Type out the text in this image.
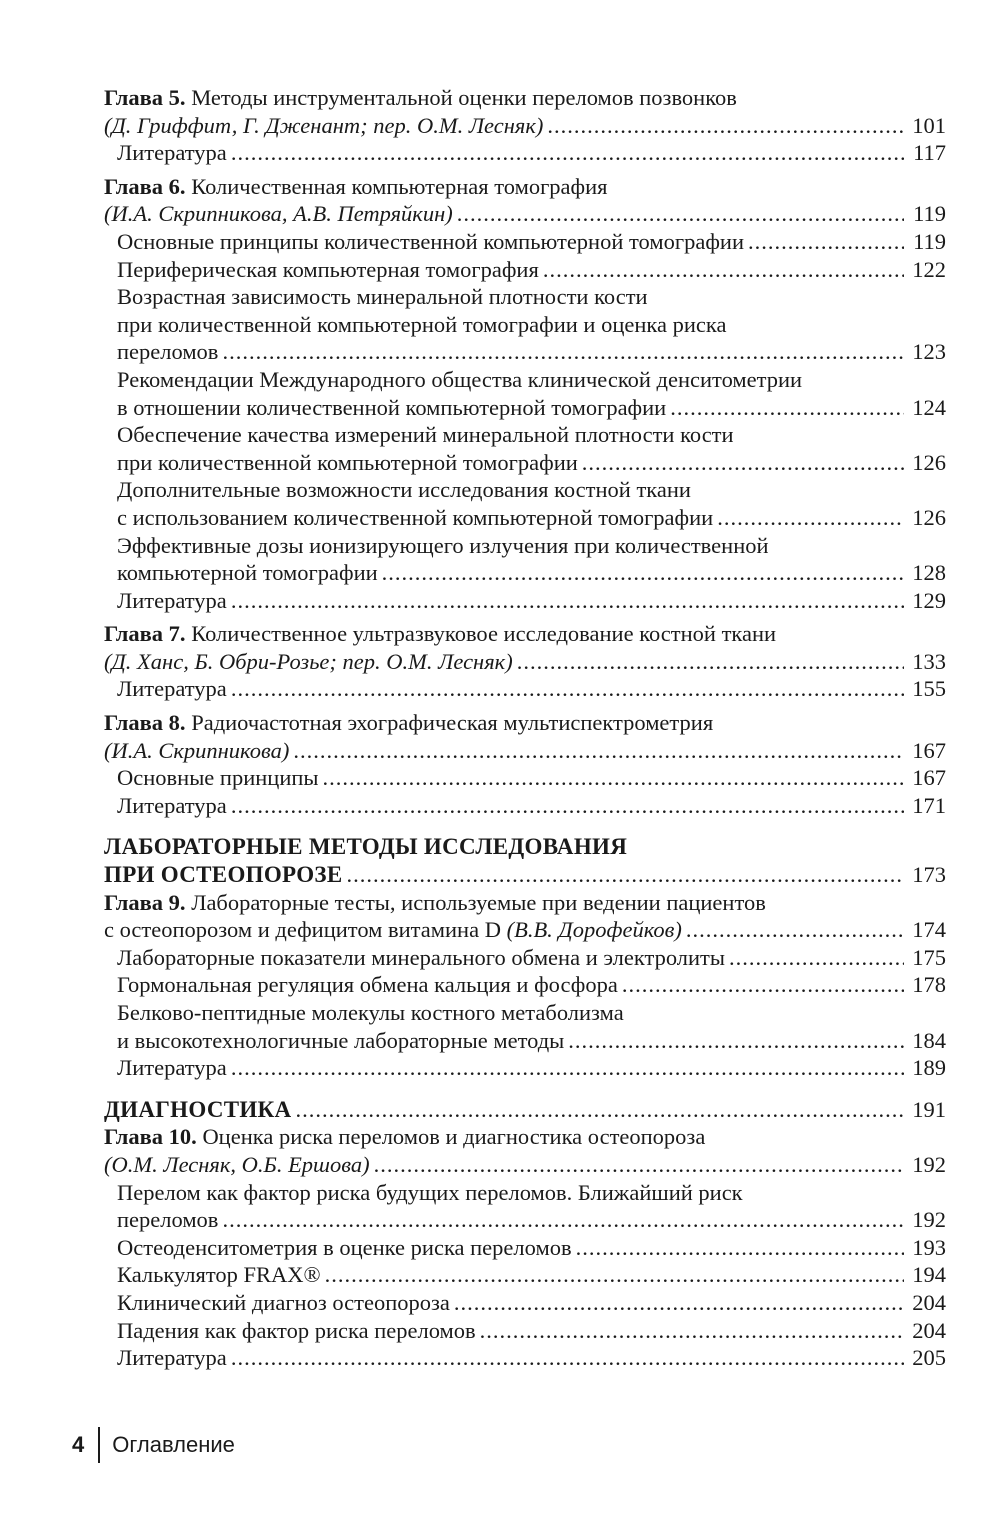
Глава 5. Методы инструментальной оценки переломов позвонков
(Д. Гриффит, Г. Дженант; пер. О.М. Лесняк) .....	101
Литература .....	117
Глава 6. Количественная компьютерная томография
(И.А. Скрипникова, А.В. Петряйкин) .....	119
Основные принципы количественной компьютерной томографии .....	119
Периферическая компьютерная томография .....	122
Возрастная зависимость минеральной плотности кости
при количественной компьютерной томографии и оценка риска
переломов .....	123
Рекомендации Международного общества клинической денситометрии
в отношении количественной компьютерной томографии .....	124
Обеспечение качества измерений минеральной плотности кости
при количественной компьютерной томографии .....	126
Дополнительные возможности исследования костной ткани
с использованием количественной компьютерной томографии .....	126
Эффективные дозы ионизирующего излучения при количественной
компьютерной томографии .....	128
Литература .....	129
Глава 7. Количественное ультразвуковое исследование костной ткани
(Д. Ханс, Б. Обри-Розье; пер. О.М. Лесняк) .....	133
Литература .....	155
Глава 8. Радиочастотная эхографическая мультиспектрометрия
(И.А. Скрипникова) .....	167
Основные принципы .....	167
Литература .....	171
ЛАБОРАТОРНЫЕ МЕТОДЫ ИССЛЕДОВАНИЯ
ПРИ ОСТЕОПОРОЗЕ .....	173
Глава 9. Лабораторные тесты, используемые при ведении пациентов
с остеопорозом и дефицитом витамина D (В.В. Дорофейков) .....	174
Лабораторные показатели минерального обмена и электролиты .....	175
Гормональная регуляция обмена кальция и фосфора .....	178
Белково-пептидные молекулы костного метаболизма
и высокотехнологичные лабораторные методы .....	184
Литература .....	189
ДИАГНОСТИКА .....	191
Глава 10. Оценка риска переломов и диагностика остеопороза
(О.М. Лесняк, О.Б. Ершова) .....	192
Перелом как фактор риска будущих переломов. Ближайший риск
переломов .....	192
Остеоденситометрия в оценке риска переломов .....	193
Калькулятор FRAX® .....	194
Клинический диагноз остеопороза .....	204
Падения как фактор риска переломов .....	204
Литература .....	205
4 Оглавление
